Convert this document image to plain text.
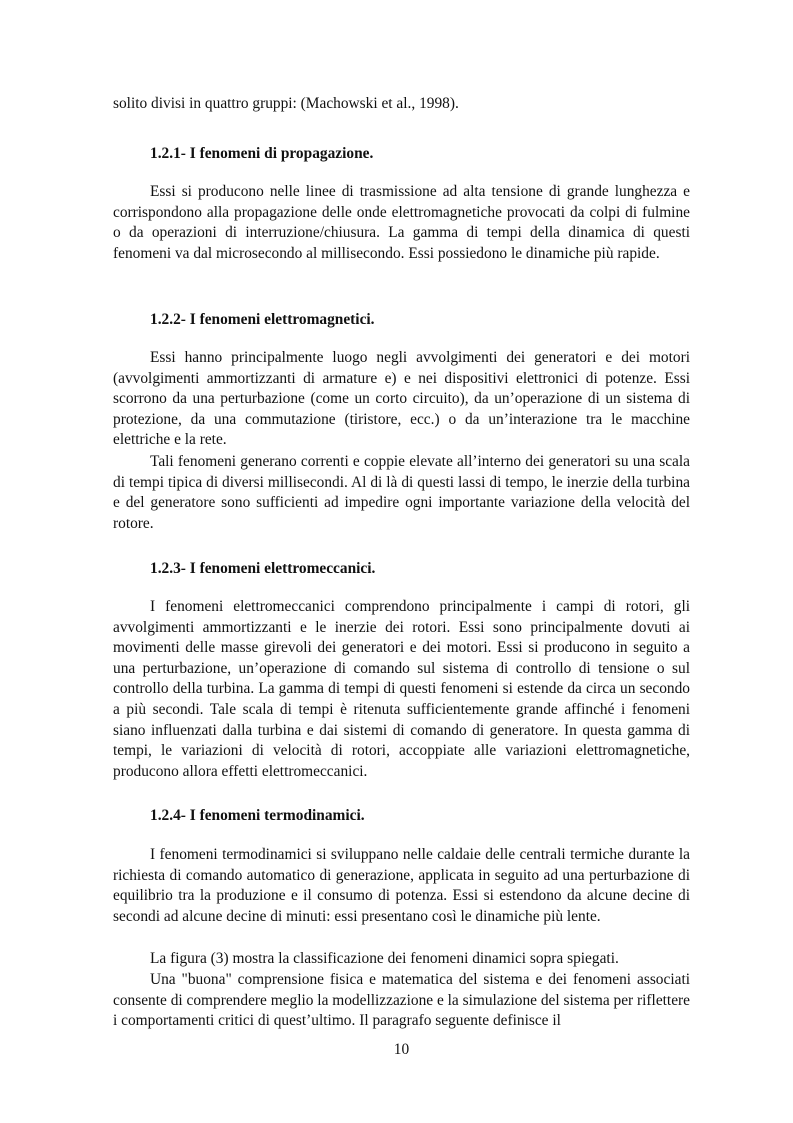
solito divisi in quattro gruppi: (Machowski et al., 1998).

1.2.1- I fenomeni di propagazione.

Essi si producono nelle linee di trasmissione ad alta tensione di grande lunghezza e corrispondono alla propagazione delle onde elettromagnetiche provocati da colpi di fulmine o da operazioni di interruzione/chiusura. La gamma di tempi della dinamica di questi fenomeni va dal microsecondo al millisecondo. Essi possiedono le dinamiche più rapide.

1.2.2- I fenomeni elettromagnetici.

Essi hanno principalmente luogo negli avvolgimenti dei generatori e dei motori (avvolgimenti ammortizzanti di armature e) e nei dispositivi elettronici di potenze. Essi scorrono da una perturbazione (come un corto circuito), da un’operazione di un sistema di protezione, da una commutazione (tiristore, ecc.) o da un’interazione tra le macchine elettriche e la rete.

Tali fenomeni generano correnti e coppie elevate all’interno dei generatori su una scala di tempi tipica di diversi millisecondi. Al di là di questi lassi di tempo, le inerzie della turbina e del generatore sono sufficienti ad impedire ogni importante variazione della velocità del rotore.

1.2.3- I fenomeni elettromeccanici.

I fenomeni elettromeccanici comprendono principalmente i campi di rotori, gli avvolgimenti ammortizzanti e le inerzie dei rotori. Essi sono principalmente dovuti ai movimenti delle masse girevoli dei generatori e dei motori. Essi si producono in seguito a una perturbazione, un’operazione di comando sul sistema di controllo di tensione o sul controllo della turbina. La gamma di tempi di questi fenomeni si estende da circa un secondo a più secondi. Tale scala di tempi è ritenuta sufficientemente grande affinché i fenomeni siano influenzati dalla turbina e dai sistemi di comando di generatore. In questa gamma di tempi, le variazioni di velocità di rotori, accoppiate alle variazioni elettromagnetiche, producono allora effetti elettromeccanici.

1.2.4- I fenomeni termodinamici.

I fenomeni termodinamici si sviluppano nelle caldaie delle centrali termiche durante la richiesta di comando automatico di generazione, applicata in seguito ad una perturbazione di equilibrio tra la produzione e il consumo di potenza. Essi si estendono da alcune decine di secondi ad alcune decine di minuti: essi presentano così le dinamiche più lente.

La figura (3) mostra la classificazione dei fenomeni dinamici sopra spiegati.

Una "buona" comprensione fisica e matematica del sistema e dei fenomeni associati consente di comprendere meglio la modellizzazione e la simulazione del sistema per riflettere i comportamenti critici di quest’ultimo. Il paragrafo seguente definisce il

10
